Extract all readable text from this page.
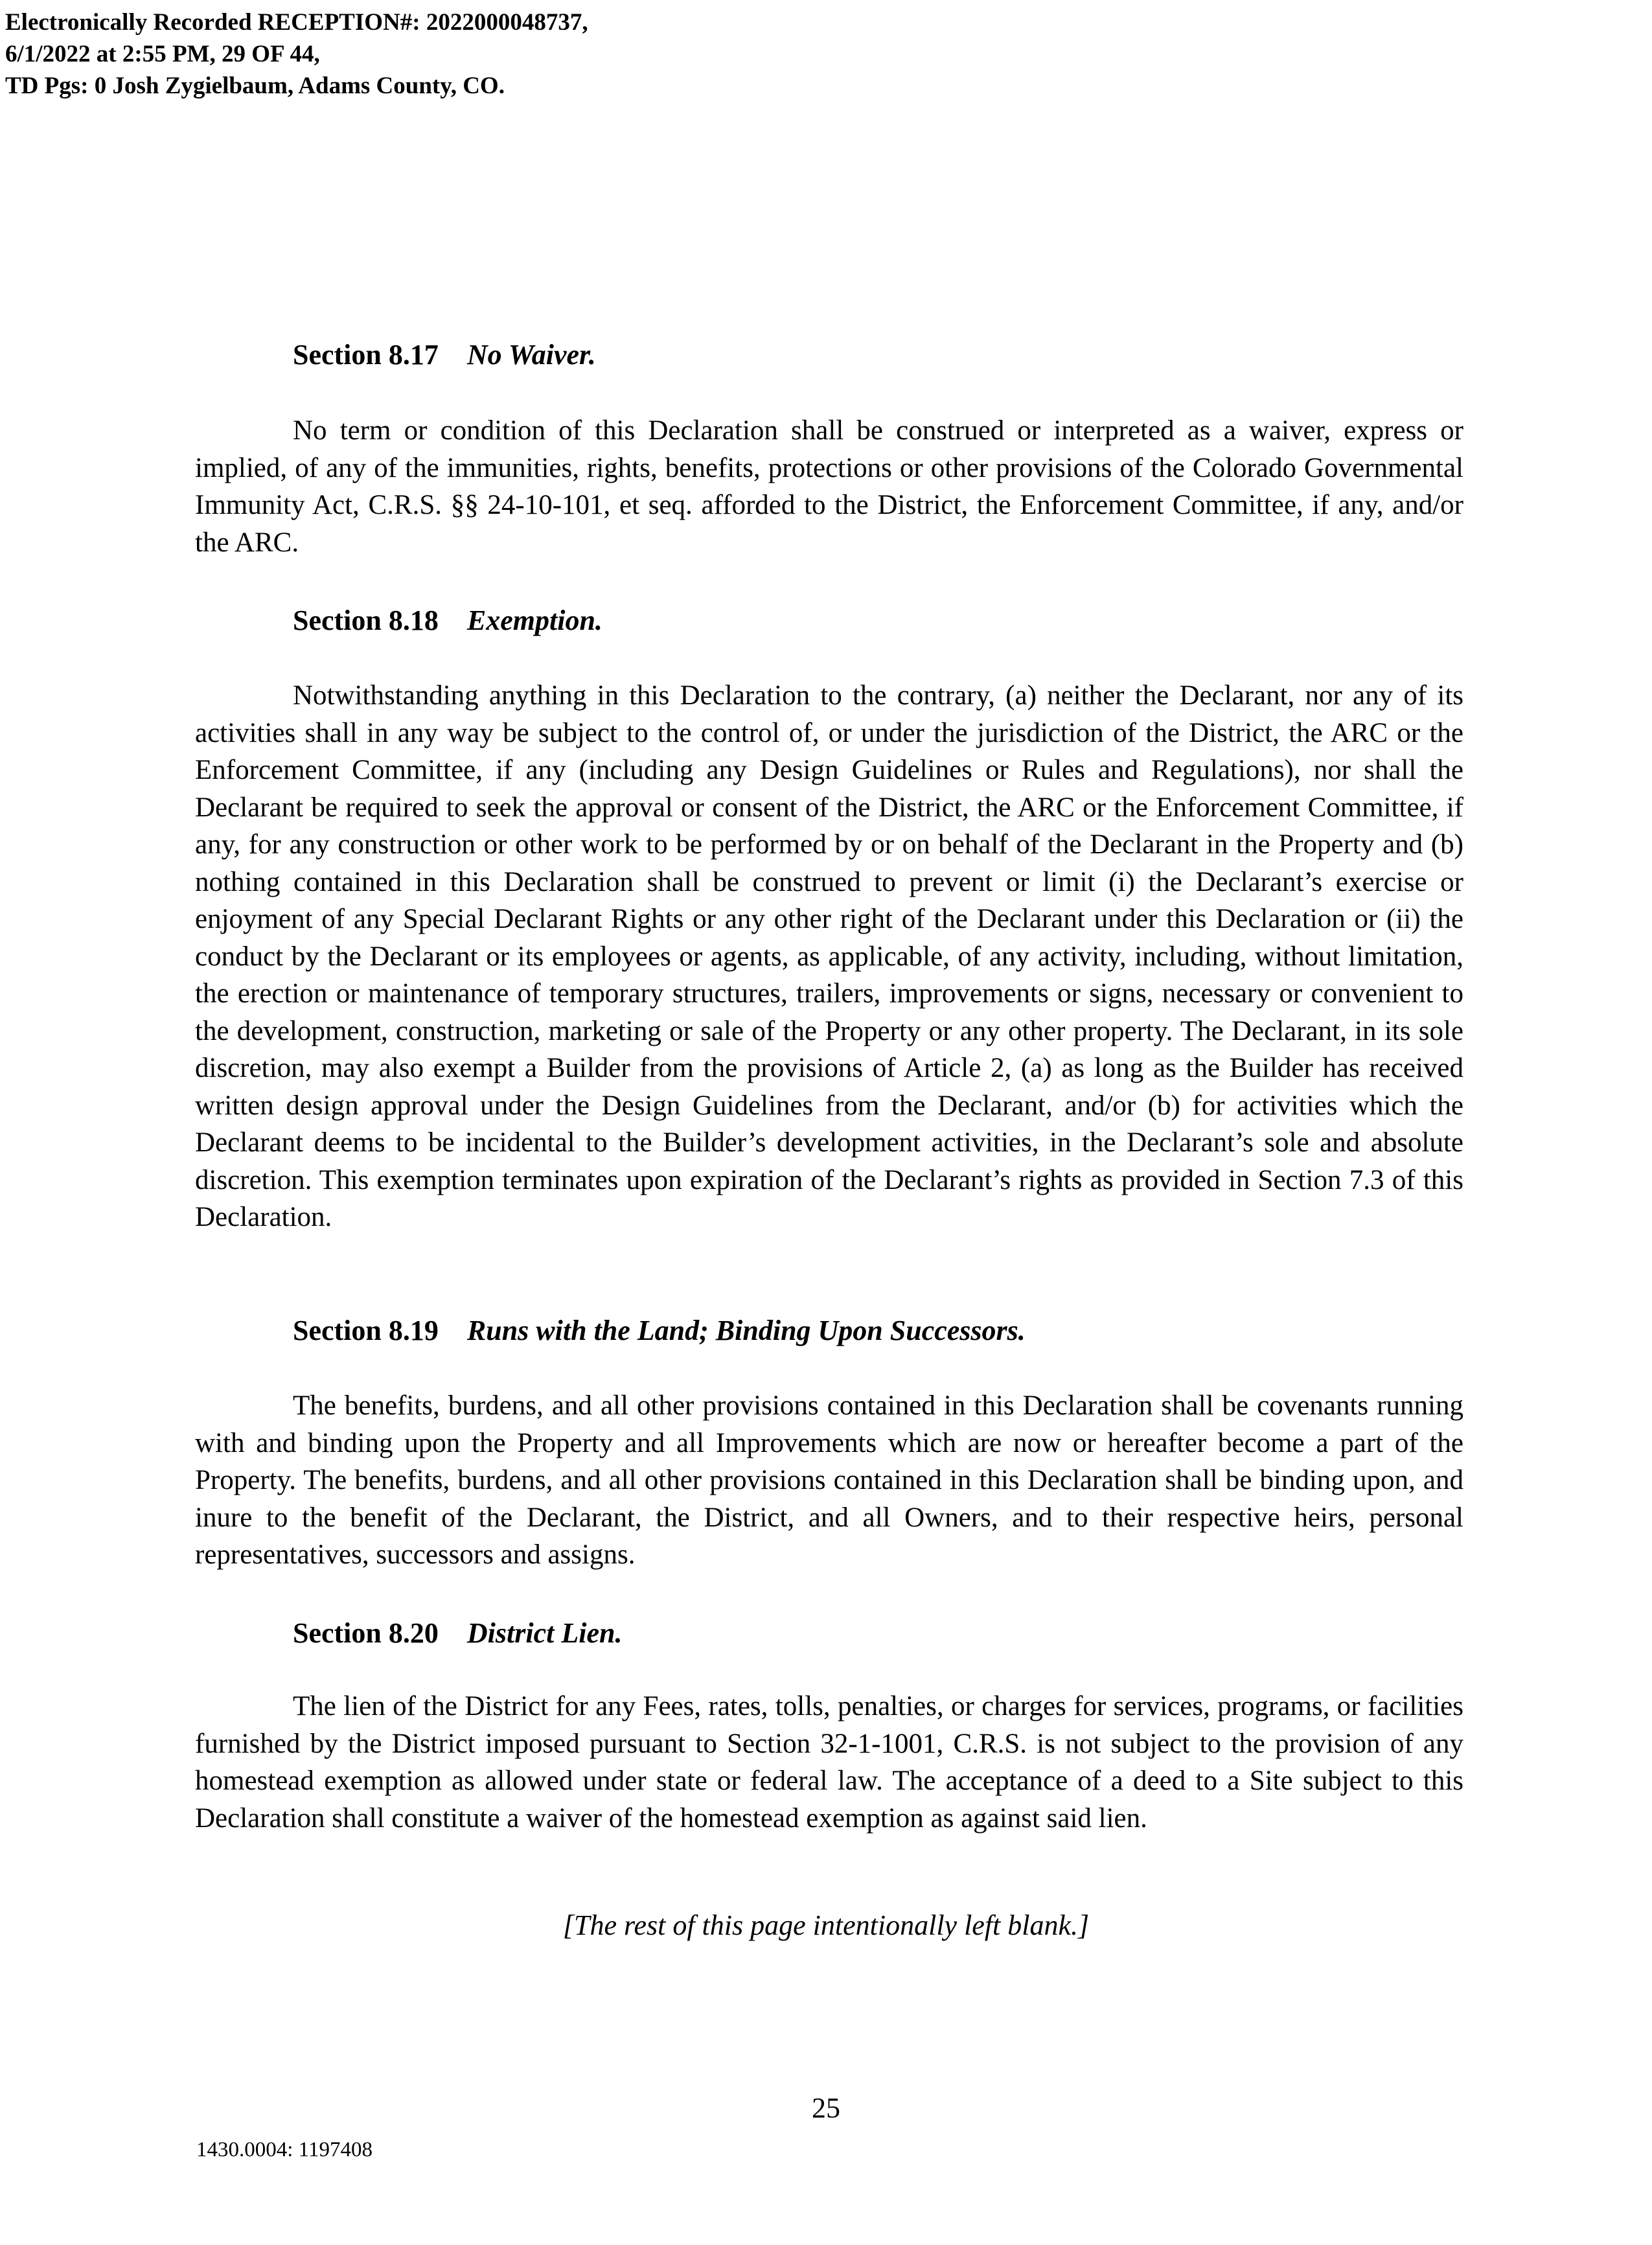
Electronically Recorded RECEPTION#: 2022000048737,
6/1/2022 at 2:55 PM, 29 OF 44,
TD Pgs: 0 Josh Zygielbaum, Adams County, CO.
Section 8.17 No Waiver.

No term or condition of this Declaration shall be construed or interpreted as a waiver, express or implied, of any of the immunities, rights, benefits, protections or other provisions of the Colorado Governmental Immunity Act, C.R.S. §§ 24-10-101, et seq. afforded to the District, the Enforcement Committee, if any, and/or the ARC.

Section 8.18 Exemption.

Notwithstanding anything in this Declaration to the contrary, (a) neither the Declarant, nor any of its activities shall in any way be subject to the control of, or under the jurisdiction of the District, the ARC or the Enforcement Committee, if any (including any Design Guidelines or Rules and Regulations), nor shall the Declarant be required to seek the approval or consent of the District, the ARC or the Enforcement Committee, if any, for any construction or other work to be performed by or on behalf of the Declarant in the Property and (b) nothing contained in this Declaration shall be construed to prevent or limit (i) the Declarant’s exercise or enjoyment of any Special Declarant Rights or any other right of the Declarant under this Declaration or (ii) the conduct by the Declarant or its employees or agents, as applicable, of any activity, including, without limitation, the erection or maintenance of temporary structures, trailers, improvements or signs, necessary or convenient to the development, construction, marketing or sale of the Property or any other property. The Declarant, in its sole discretion, may also exempt a Builder from the provisions of Article 2, (a) as long as the Builder has received written design approval under the Design Guidelines from the Declarant, and/or (b) for activities which the Declarant deems to be incidental to the Builder’s development activities, in the Declarant’s sole and absolute discretion. This exemption terminates upon expiration of the Declarant’s rights as provided in Section 7.3 of this Declaration.

Section 8.19 Runs with the Land; Binding Upon Successors.

The benefits, burdens, and all other provisions contained in this Declaration shall be covenants running with and binding upon the Property and all Improvements which are now or hereafter become a part of the Property. The benefits, burdens, and all other provisions contained in this Declaration shall be binding upon, and inure to the benefit of the Declarant, the District, and all Owners, and to their respective heirs, personal representatives, successors and assigns.

Section 8.20 District Lien.

The lien of the District for any Fees, rates, tolls, penalties, or charges for services, programs, or facilities furnished by the District imposed pursuant to Section 32-1-1001, C.R.S. is not subject to the provision of any homestead exemption as allowed under state or federal law. The acceptance of a deed to a Site subject to this Declaration shall constitute a waiver of the homestead exemption as against said lien.

[The rest of this page intentionally left blank.]
25
1430.0004: 1197408
